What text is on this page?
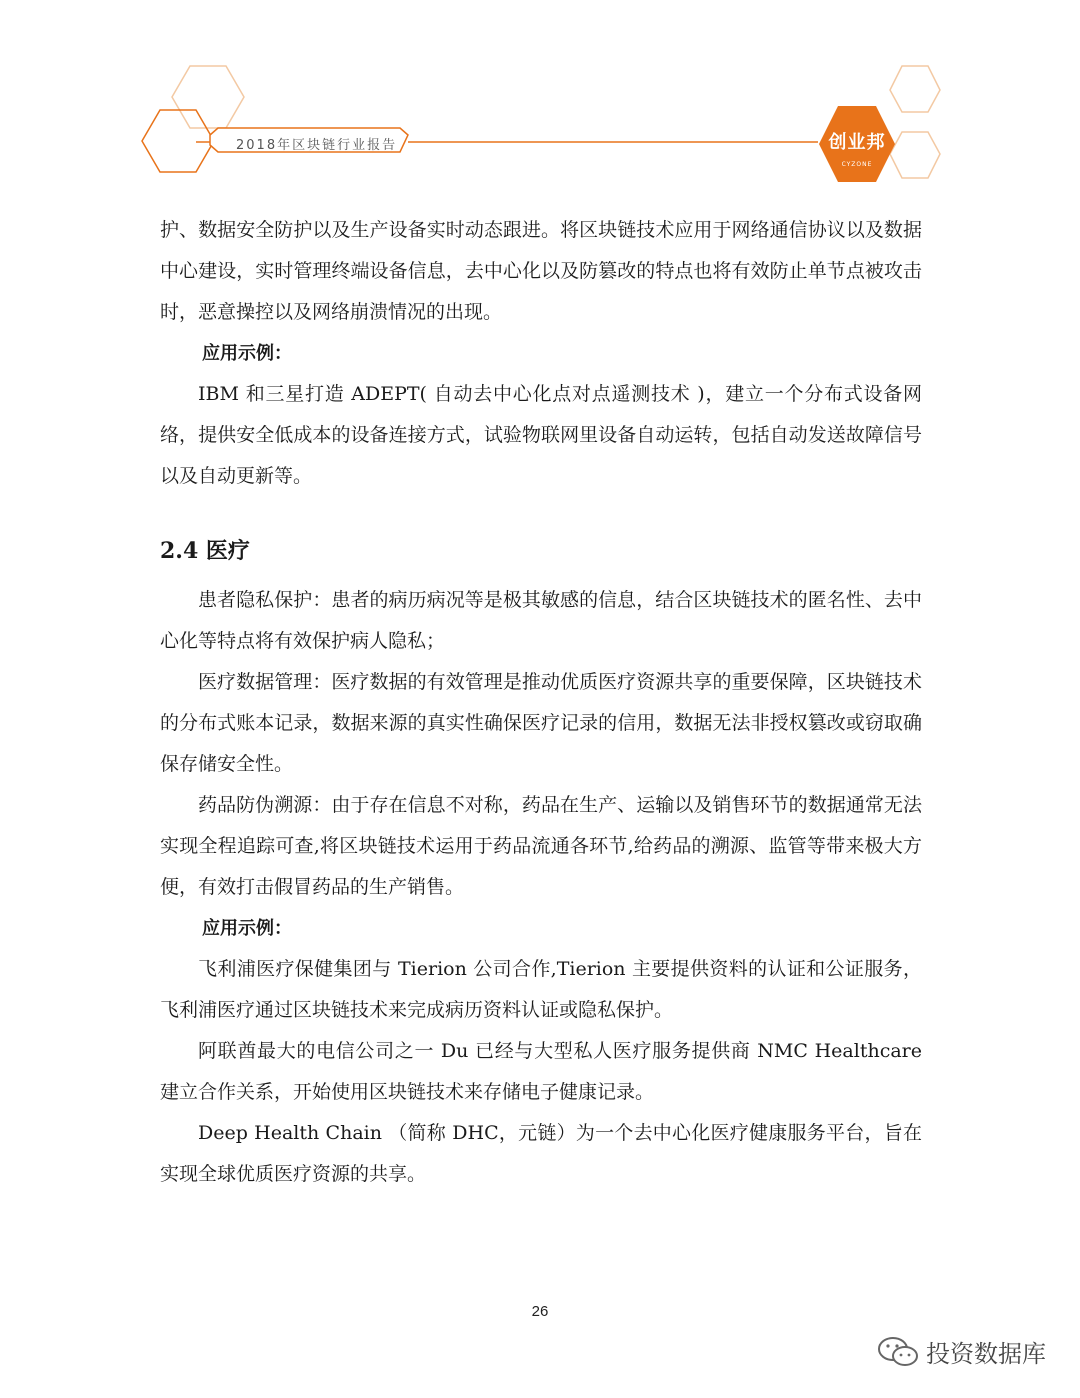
2018年区块链行业报告
CYZONE
创业邦

护、数据安全防护以及生产设备实时动态跟进。将区块链技术应用于网络通信协议以及数据中心建设，实时管理终端设备信息，去中心化以及防篡改的特点也将有效防止单节点被攻击时，恶意操控以及网络崩溃情况的出现。

应用示例：

IBM 和三星打造 ADEPT( 自动去中心化点对点遥测技术 )，建立一个分布式设备网络，提供安全低成本的设备连接方式，试验物联网里设备自动运转，包括自动发送故障信号以及自动更新等。

2.4 医疗

患者隐私保护：患者的病历病况等是极其敏感的信息，结合区块链技术的匿名性、去中心化等特点将有效保护病人隐私；

医疗数据管理：医疗数据的有效管理是推动优质医疗资源共享的重要保障，区块链技术的分布式账本记录，数据来源的真实性确保医疗记录的信用，数据无法非授权篡改或窃取确保存储安全性。

药品防伪溯源：由于存在信息不对称，药品在生产、运输以及销售环节的数据通常无法实现全程追踪可查,将区块链技术运用于药品流通各环节,给药品的溯源、监管等带来极大方便，有效打击假冒药品的生产销售。

应用示例：

飞利浦医疗保健集团与 Tierion 公司合作,Tierion 主要提供资料的认证和公证服务，飞利浦医疗通过区块链技术来完成病历资料认证或隐私保护。

阿联酋最大的电信公司之一 Du 已经与大型私人医疗服务提供商 NMC Healthcare 建立合作关系，开始使用区块链技术来存储电子健康记录。

Deep Health Chain （简称 DHC，元链）为一个去中心化医疗健康服务平台，旨在实现全球优质医疗资源的共享。

26
投资数据库
